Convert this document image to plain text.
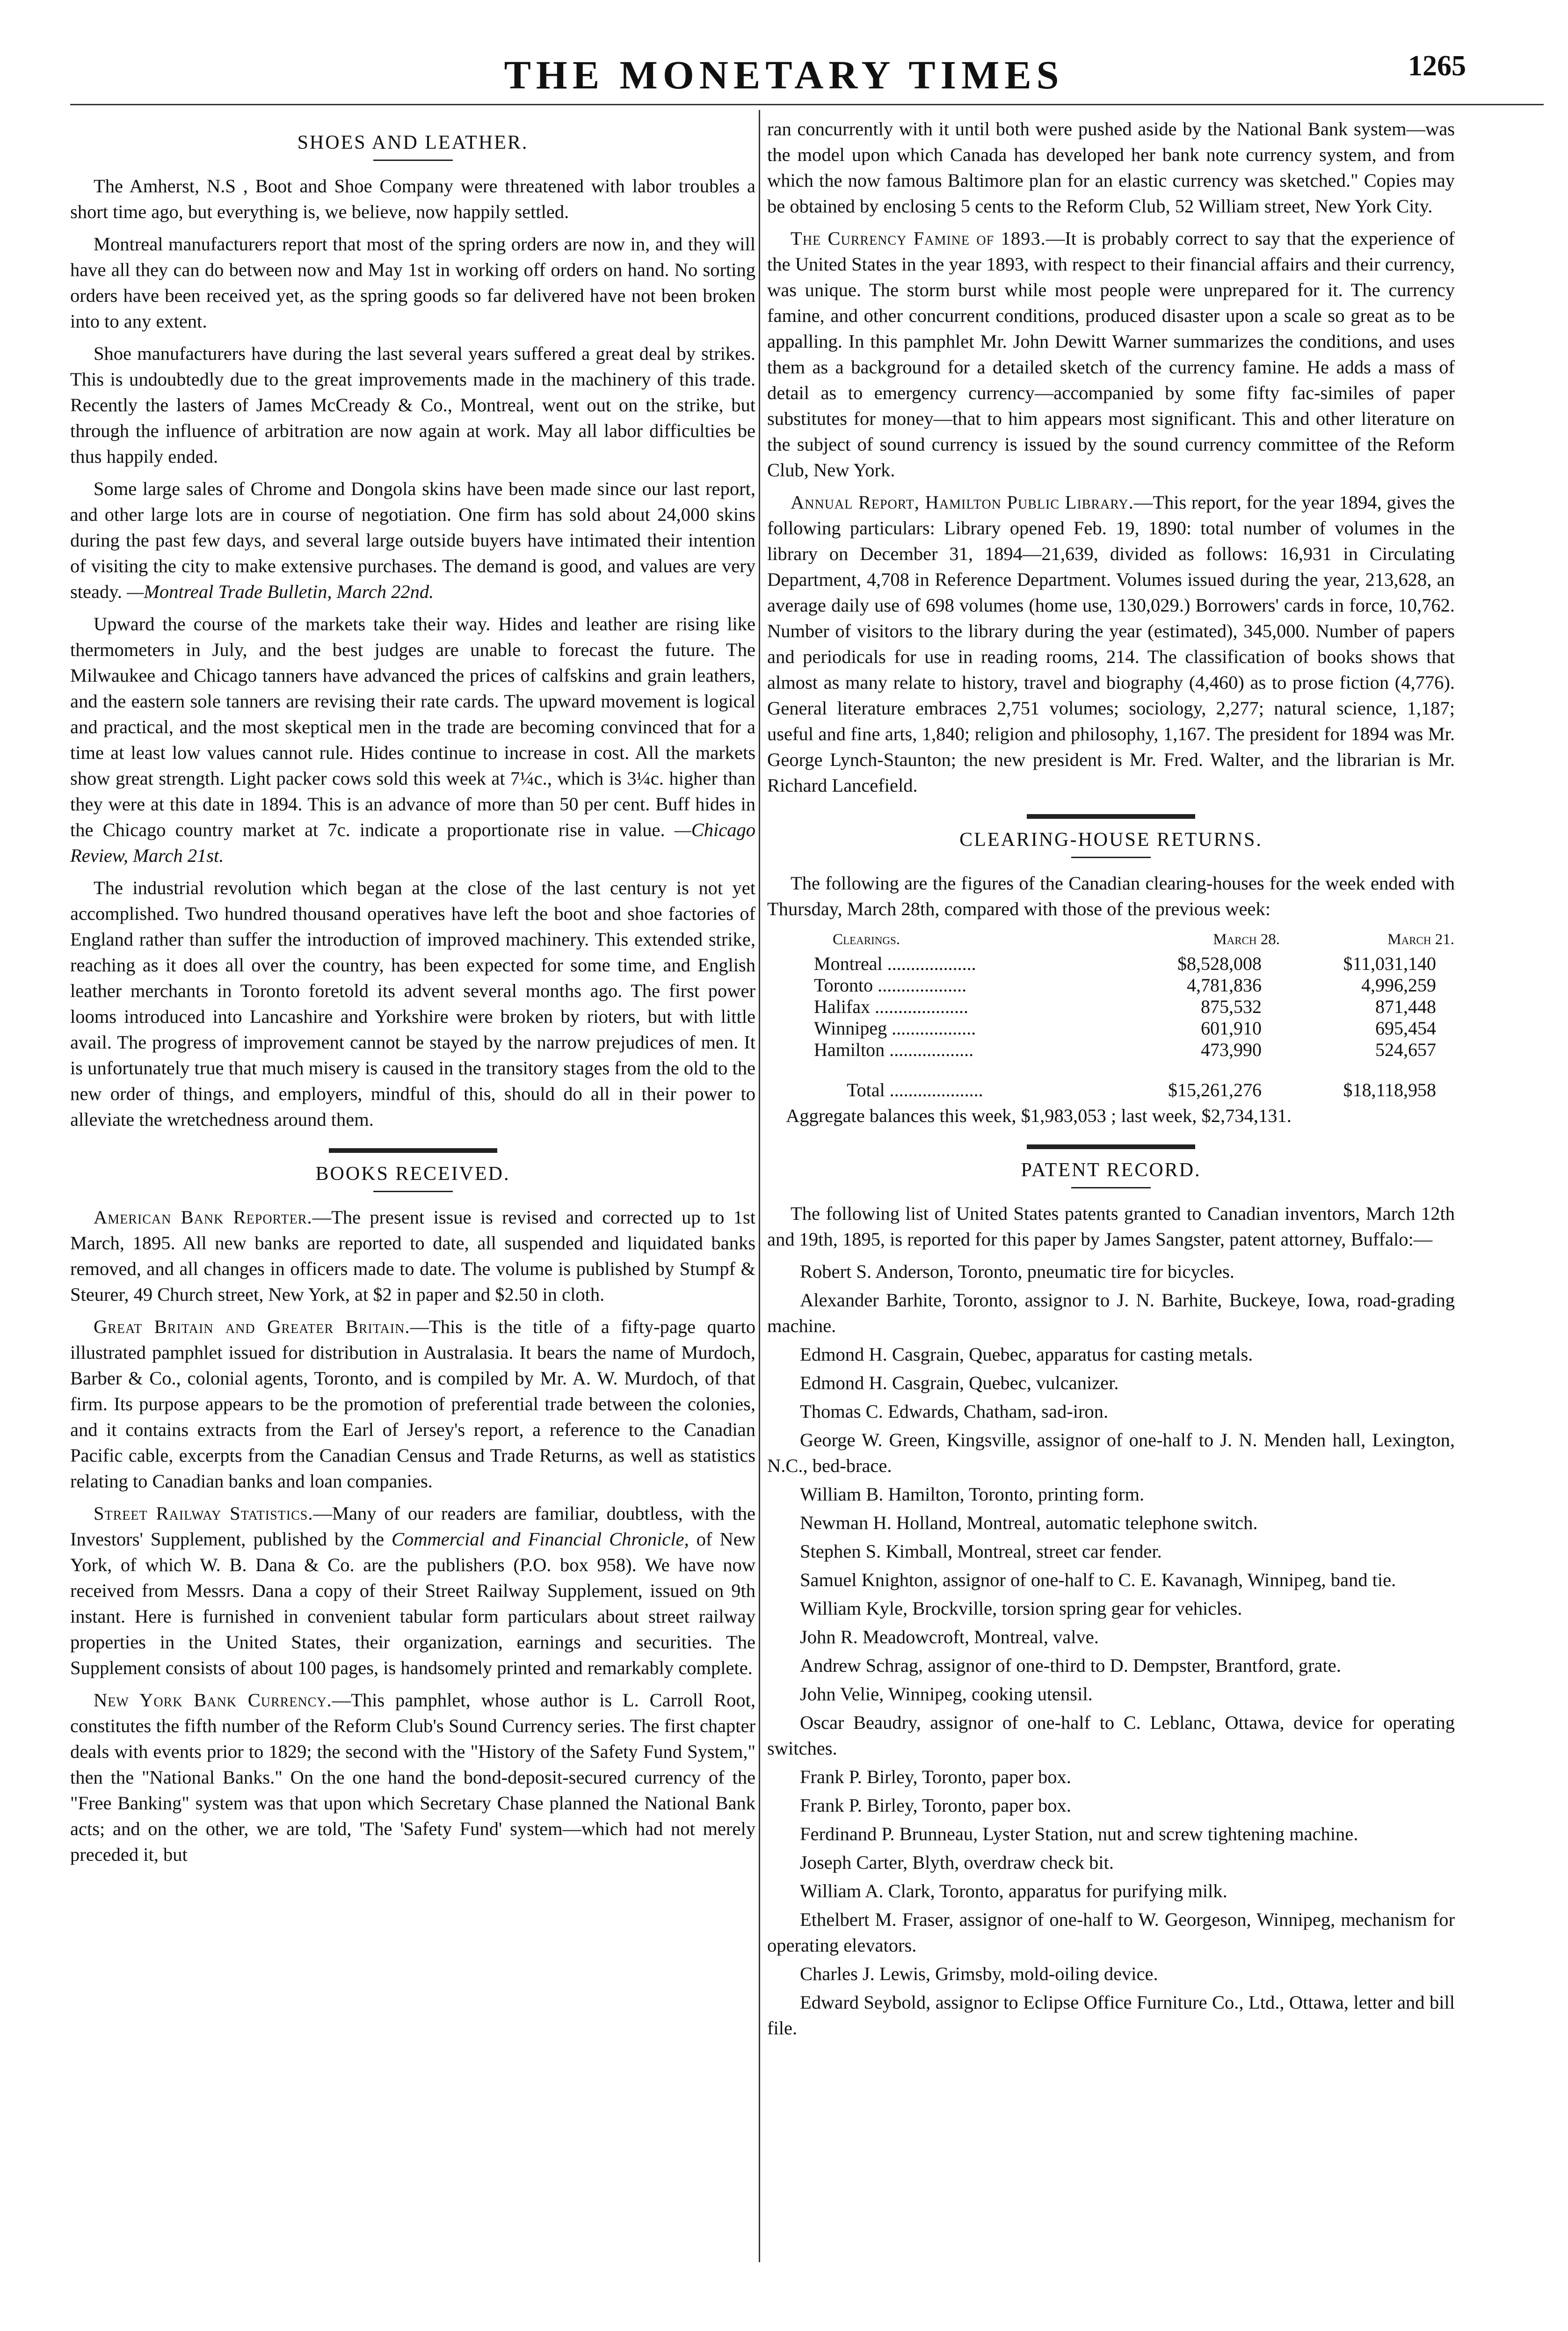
THE MONETARY TIMES	1265
SHOES AND LEATHER.

The Amherst, N.S , Boot and Shoe Company were threatened with labor troubles a short time ago, but everything is, we believe, now happily settled.

Montreal manufacturers report that most of the spring orders are now in, and they will have all they can do between now and May 1st in working off orders on hand. No sorting orders have been received yet, as the spring goods so far delivered have not been broken into to any extent.

Shoe manufacturers have during the last several years suffered a great deal by strikes. This is undoubtedly due to the great improvements made in the machinery of this trade. Recently the lasters of James McCready & Co., Montreal, went out on the strike, but through the influence of arbitration are now again at work. May all labor difficulties be thus happily ended.

Some large sales of Chrome and Dongola skins have been made since our last report, and other large lots are in course of negotiation. One firm has sold about 24,000 skins during the past few days, and several large outside buyers have intimated their intention of visiting the city to make extensive purchases. The demand is good, and values are very steady. —Montreal Trade Bulletin, March 22nd.

Upward the course of the markets take their way. Hides and leather are rising like thermometers in July, and the best judges are unable to forecast the future. The Milwaukee and Chicago tanners have advanced the prices of calfskins and grain leathers, and the eastern sole tanners are revising their rate cards. The upward movement is logical and practical, and the most skeptical men in the trade are becoming convinced that for a time at least low values cannot rule. Hides continue to increase in cost. All the markets show great strength. Light packer cows sold this week at 7¼c., which is 3¼c. higher than they were at this date in 1894. This is an advance of more than 50 per cent. Buff hides in the Chicago country market at 7c. indicate a proportionate rise in value. —Chicago Review, March 21st.

The industrial revolution which began at the close of the last century is not yet accomplished. Two hundred thousand operatives have left the boot and shoe factories of England rather than suffer the introduction of improved machinery. This extended strike, reaching as it does all over the country, has been expected for some time, and English leather merchants in Toronto foretold its advent several months ago. The first power looms introduced into Lancashire and Yorkshire were broken by rioters, but with little avail. The progress of improvement cannot be stayed by the narrow prejudices of men. It is unfortunately true that much misery is caused in the transitory stages from the old to the new order of things, and employers, mindful of this, should do all in their power to alleviate the wretchedness around them.

BOOKS RECEIVED.

American Bank Reporter.—The present issue is revised and corrected up to 1st March, 1895. All new banks are reported to date, all suspended and liquidated banks removed, and all changes in officers made to date. The volume is published by Stumpf & Steurer, 49 Church street, New York, at $2 in paper and $2.50 in cloth.

Great Britain and Greater Britain.—This is the title of a fifty-page quarto illustrated pamphlet issued for distribution in Australasia. It bears the name of Murdoch, Barber & Co., colonial agents, Toronto, and is compiled by Mr. A. W. Murdoch, of that firm. Its purpose appears to be the promotion of preferential trade between the colonies, and it contains extracts from the Earl of Jersey's report, a reference to the Canadian Pacific cable, excerpts from the Canadian Census and Trade Returns, as well as statistics relating to Canadian banks and loan companies.

Street Railway Statistics.—Many of our readers are familiar, doubtless, with the Investors' Supplement, published by the Commercial and Financial Chronicle, of New York, of which W. B. Dana & Co. are the publishers (P.O. box 958). We have now received from Messrs. Dana a copy of their Street Railway Supplement, issued on 9th instant. Here is furnished in convenient tabular form particulars about street railway properties in the United States, their organization, earnings and securities. The Supplement consists of about 100 pages, is handsomely printed and remarkably complete.

New York Bank Currency.—This pamphlet, whose author is L. Carroll Root, constitutes the fifth number of the Reform Club's Sound Currency series. The first chapter deals with events prior to 1829; the second with the "History of the Safety Fund System," then the "National Banks." On the one hand the bond-deposit-secured currency of the "Free Banking" system was that upon which Secretary Chase planned the National Bank acts; and on the other, we are told, 'The 'Safety Fund' system—which had not merely preceded it, but

ran concurrently with it until both were pushed aside by the National Bank system—was the model upon which Canada has developed her bank note currency system, and from which the now famous Baltimore plan for an elastic currency was sketched." Copies may be obtained by enclosing 5 cents to the Reform Club, 52 William street, New York City.

The Currency Famine of 1893.—It is probably correct to say that the experience of the United States in the year 1893, with respect to their financial affairs and their currency, was unique. The storm burst while most people were unprepared for it. The currency famine, and other concurrent conditions, produced disaster upon a scale so great as to be appalling. In this pamphlet Mr. John Dewitt Warner summarizes the conditions, and uses them as a background for a detailed sketch of the currency famine. He adds a mass of detail as to emergency currency—accompanied by some fifty fac-similes of paper substitutes for money—that to him appears most significant. This and other literature on the subject of sound currency is issued by the sound currency committee of the Reform Club, New York.

Annual Report, Hamilton Public Library.—This report, for the year 1894, gives the following particulars: Library opened Feb. 19, 1890: total number of volumes in the library on December 31, 1894—21,639, divided as follows: 16,931 in Circulating Department, 4,708 in Reference Department. Volumes issued during the year, 213,628, an average daily use of 698 volumes (home use, 130,029.) Borrowers' cards in force, 10,762. Number of visitors to the library during the year (estimated), 345,000. Number of papers and periodicals for use in reading rooms, 214. The classification of books shows that almost as many relate to history, travel and biography (4,460) as to prose fiction (4,776). General literature embraces 2,751 volumes; sociology, 2,277; natural science, 1,187; useful and fine arts, 1,840; religion and philosophy, 1,167. The president for 1894 was Mr. George Lynch-Staunton; the new president is Mr. Fred. Walter, and the librarian is Mr. Richard Lancefield.

CLEARING-HOUSE RETURNS.

The following are the figures of the Canadian clearing-houses for the week ended with Thursday, March 28th, compared with those of the previous week:

Clearings.	March 28.	March 21.
Montreal ...................	$8,528,008	$11,031,140
Toronto ...................	4,781,836	4,996,259
Halifax ....................	875,532	871,448
Winnipeg ..................	601,910	695,454
Hamilton ..................	473,990	524,657
Total ....................	$15,261,276	$18,118,958

Aggregate balances this week, $1,983,053 ; last week, $2,734,131.

PATENT RECORD.

The following list of United States patents granted to Canadian inventors, March 12th and 19th, 1895, is reported for this paper by James Sangster, patent attorney, Buffalo:—

Robert S. Anderson, Toronto, pneumatic tire for bicycles.

Alexander Barhite, Toronto, assignor to J. N. Barhite, Buckeye, Iowa, road-grading machine.

Edmond H. Casgrain, Quebec, apparatus for casting metals.

Edmond H. Casgrain, Quebec, vulcanizer.

Thomas C. Edwards, Chatham, sad-iron.

George W. Green, Kingsville, assignor of one-half to J. N. Menden hall, Lexington, N.C., bed-brace.

William B. Hamilton, Toronto, printing form.

Newman H. Holland, Montreal, automatic telephone switch.

Stephen S. Kimball, Montreal, street car fender.

Samuel Knighton, assignor of one-half to C. E. Kavanagh, Winnipeg, band tie.

William Kyle, Brockville, torsion spring gear for vehicles.

John R. Meadowcroft, Montreal, valve.

Andrew Schrag, assignor of one-third to D. Dempster, Brantford, grate.

John Velie, Winnipeg, cooking utensil.

Oscar Beaudry, assignor of one-half to C. Leblanc, Ottawa, device for operating switches.

Frank P. Birley, Toronto, paper box.

Frank P. Birley, Toronto, paper box.

Ferdinand P. Brunneau, Lyster Station, nut and screw tightening machine.

Joseph Carter, Blyth, overdraw check bit.

William A. Clark, Toronto, apparatus for purifying milk.

Ethelbert M. Fraser, assignor of one-half to W. Georgeson, Winnipeg, mechanism for operating elevators.

Charles J. Lewis, Grimsby, mold-oiling device.

Edward Seybold, assignor to Eclipse Office Furniture Co., Ltd., Ottawa, letter and bill file.
